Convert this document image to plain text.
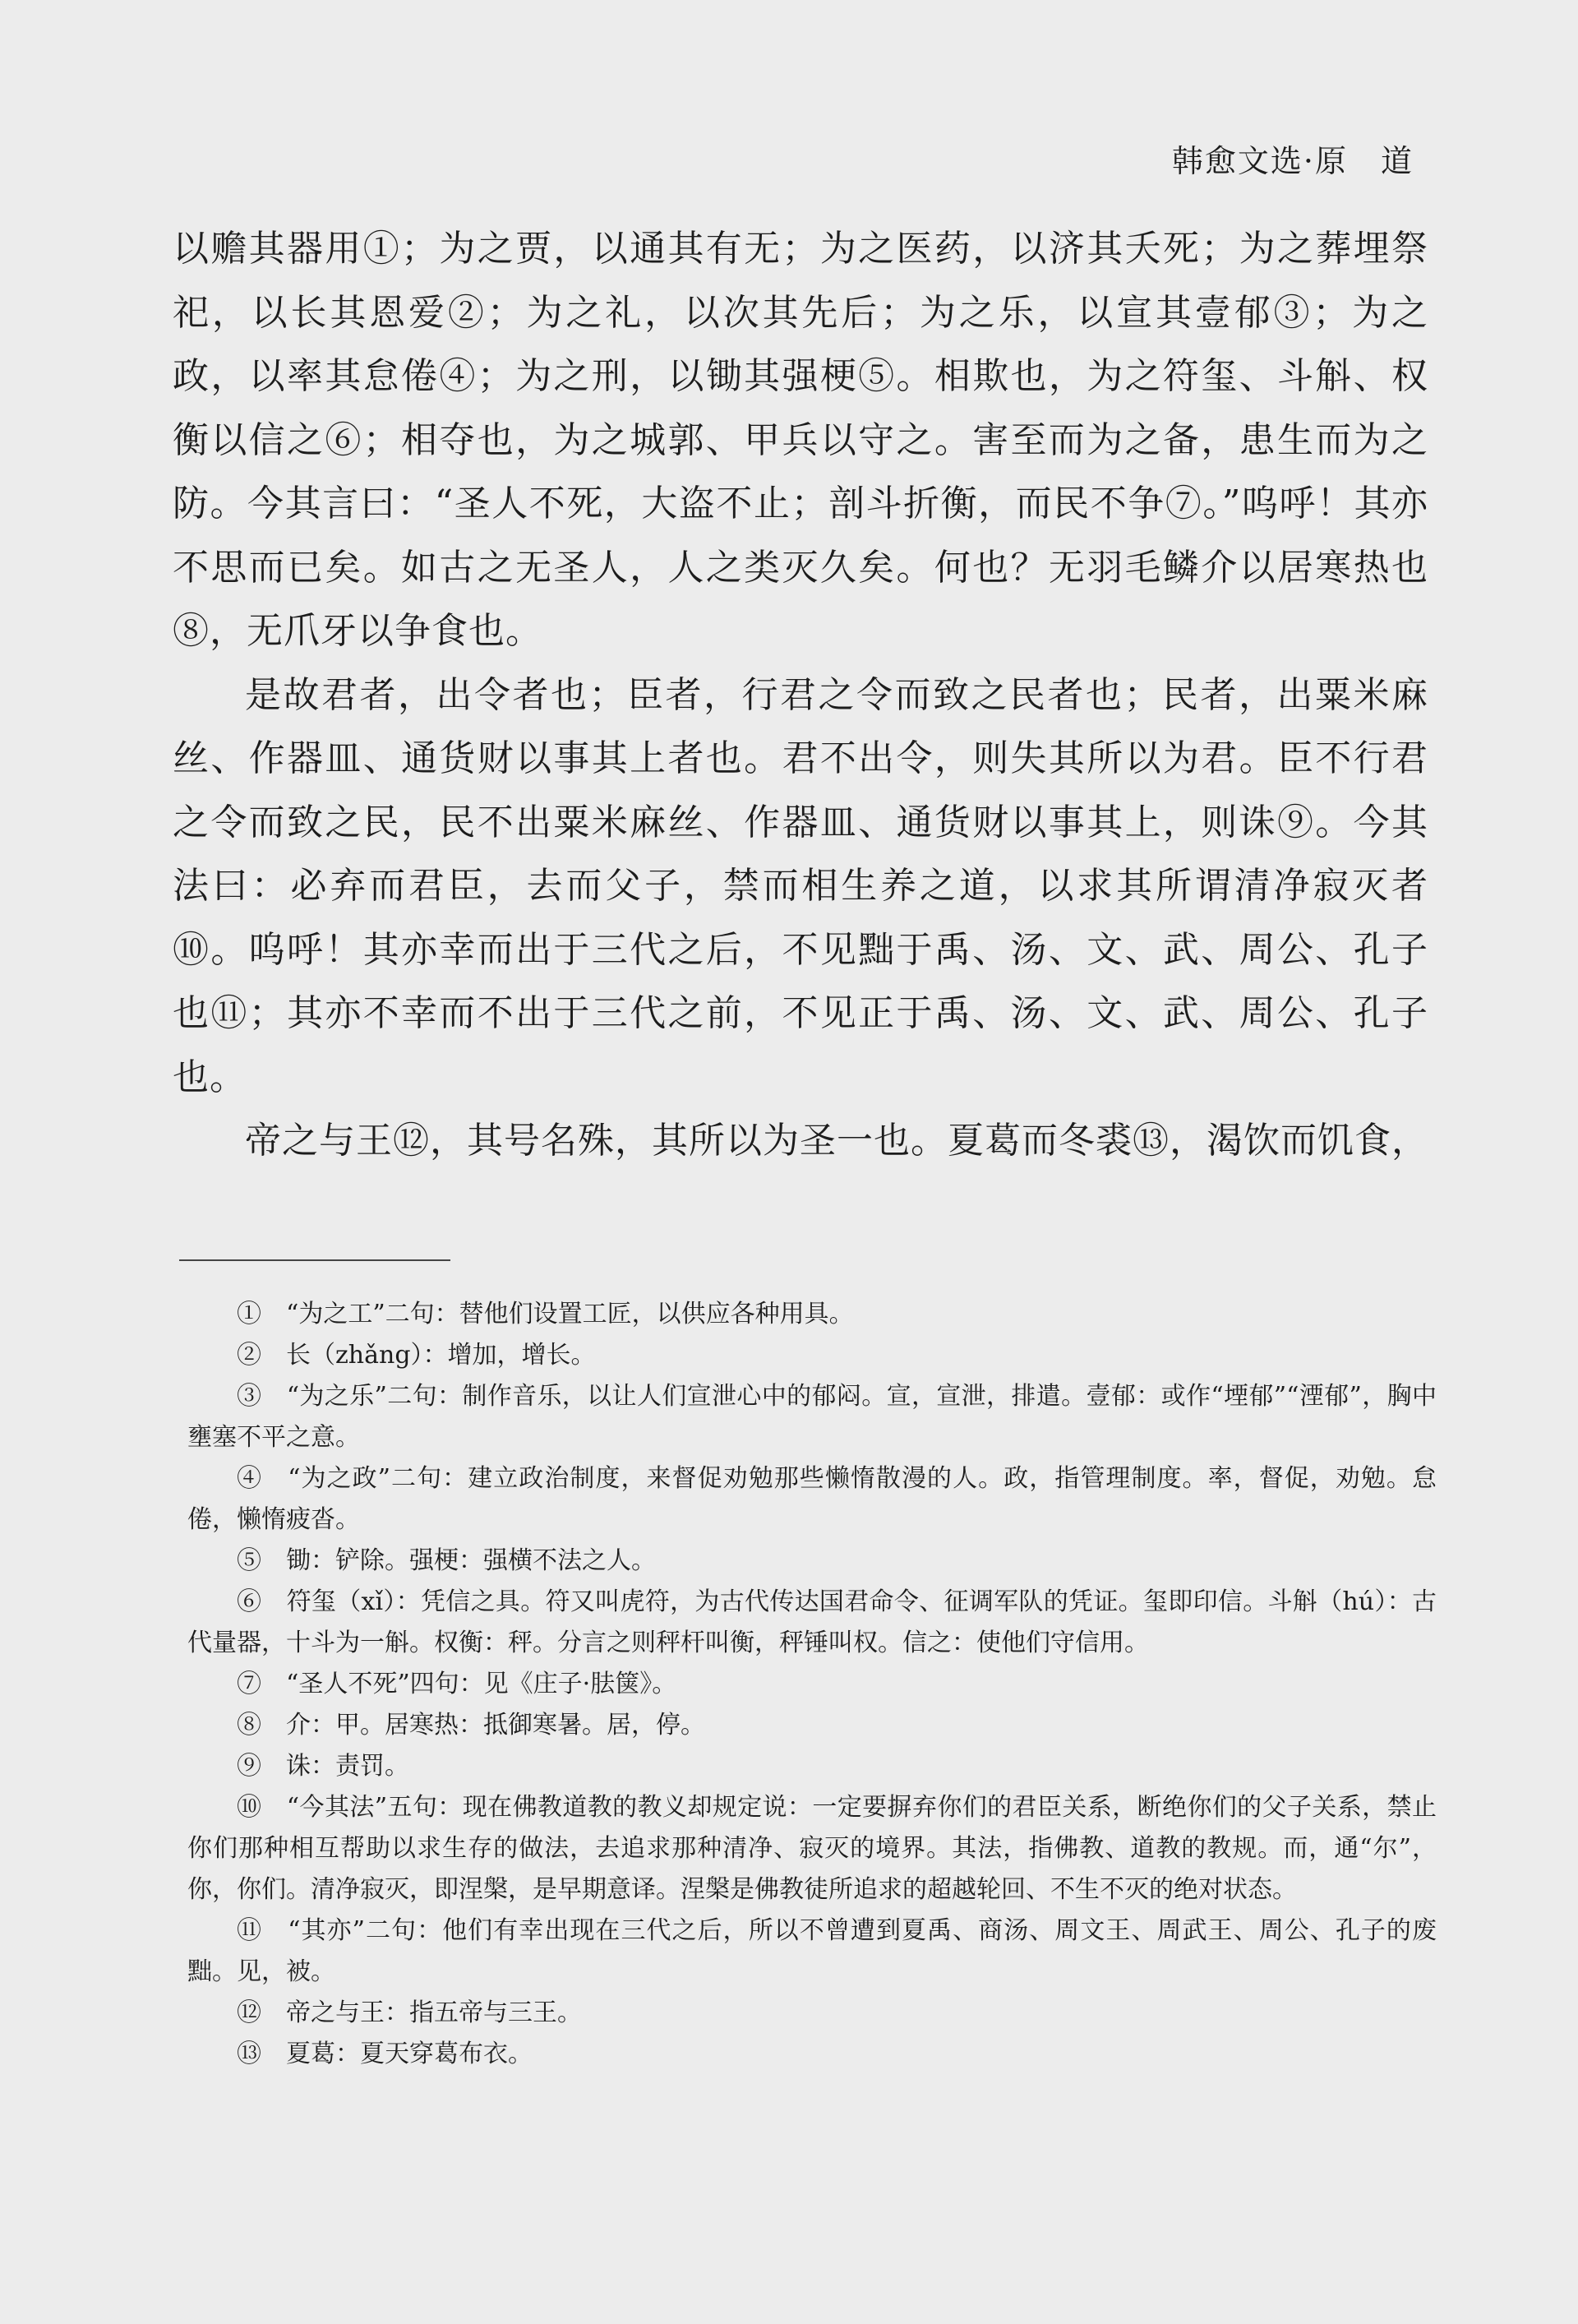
韩愈文选·原　道

以赡其器用①；为之贾，以通其有无；为之医药，以济其夭死；为之葬埋祭祀，以长其恩爱②；为之礼，以次其先后；为之乐，以宣其壹郁③；为之政，以率其怠倦④；为之刑，以锄其强梗⑤。相欺也，为之符玺、斗斛、权衡以信之⑥；相夺也，为之城郭、甲兵以守之。害至而为之备，患生而为之防。今其言曰：“圣人不死，大盗不止；剖斗折衡，而民不争⑦。”呜呼！其亦不思而已矣。如古之无圣人，人之类灭久矣。何也？无羽毛鳞介以居寒热也⑧，无爪牙以争食也。

是故君者，出令者也；臣者，行君之令而致之民者也；民者，出粟米麻丝、作器皿、通货财以事其上者也。君不出令，则失其所以为君。臣不行君之令而致之民，民不出粟米麻丝、作器皿、通货财以事其上，则诛⑨。今其法曰：必弃而君臣，去而父子，禁而相生养之道，以求其所谓清净寂灭者⑩。呜呼！其亦幸而出于三代之后，不见黜于禹、汤、文、武、周公、孔子也⑪；其亦不幸而不出于三代之前，不见正于禹、汤、文、武、周公、孔子也。

帝之与王⑫，其号名殊，其所以为圣一也。夏葛而冬裘⑬，渴饮而饥食，

①　“为之工”二句：替他们设置工匠，以供应各种用具。

②　长（zhǎng）：增加，增长。

③　“为之乐”二句：制作音乐，以让人们宣泄心中的郁闷。宣，宣泄，排遣。壹郁：或作“堙郁”“湮郁”，胸中壅塞不平之意。

④　“为之政”二句：建立政治制度，来督促劝勉那些懒惰散漫的人。政，指管理制度。率，督促，劝勉。怠倦，懒惰疲沓。

⑤　锄：铲除。强梗：强横不法之人。

⑥　符玺（xǐ）：凭信之具。符又叫虎符，为古代传达国君命令、征调军队的凭证。玺即印信。斗斛（hú）：古代量器，十斗为一斛。权衡：秤。分言之则秤杆叫衡，秤锤叫权。信之：使他们守信用。

⑦　“圣人不死”四句：见《庄子·胠箧》。

⑧　介：甲。居寒热：抵御寒暑。居，停。

⑨　诛：责罚。

⑩　“今其法”五句：现在佛教道教的教义却规定说：一定要摒弃你们的君臣关系，断绝你们的父子关系，禁止你们那种相互帮助以求生存的做法，去追求那种清净、寂灭的境界。其法，指佛教、道教的教规。而，通“尔”，你，你们。清净寂灭，即涅槃，是早期意译。涅槃是佛教徒所追求的超越轮回、不生不灭的绝对状态。

⑪　“其亦”二句：他们有幸出现在三代之后，所以不曾遭到夏禹、商汤、周文王、周武王、周公、孔子的废黜。见，被。

⑫　帝之与王：指五帝与三王。

⑬　夏葛：夏天穿葛布衣。
